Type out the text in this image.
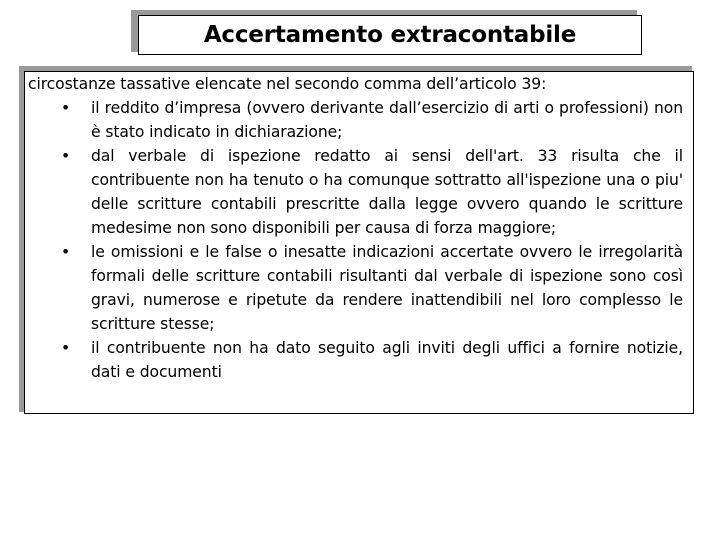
Accertamento extracontabile
circostanze tassative elencate nel secondo comma dell’articolo 39:
• il reddito d’impresa (ovvero derivante dall’esercizio di arti o professioni) non è stato indicato in dichiarazione;
• dal verbale di ispezione redatto ai sensi dell'art. 33 risulta che il contribuente non ha tenuto o ha comunque sottratto all'ispezione una o piu' delle scritture contabili prescritte dalla legge ovvero quando le scritture medesime non sono disponibili per causa di forza maggiore;
• le omissioni e le false o inesatte indicazioni accertate ovvero le irregolarità formali delle scritture contabili risultanti dal verbale di ispezione sono così gravi, numerose e ripetute da rendere inattendibili nel loro complesso le scritture stesse;
• il contribuente non ha dato seguito agli inviti degli uffici a fornire notizie, dati e documenti
